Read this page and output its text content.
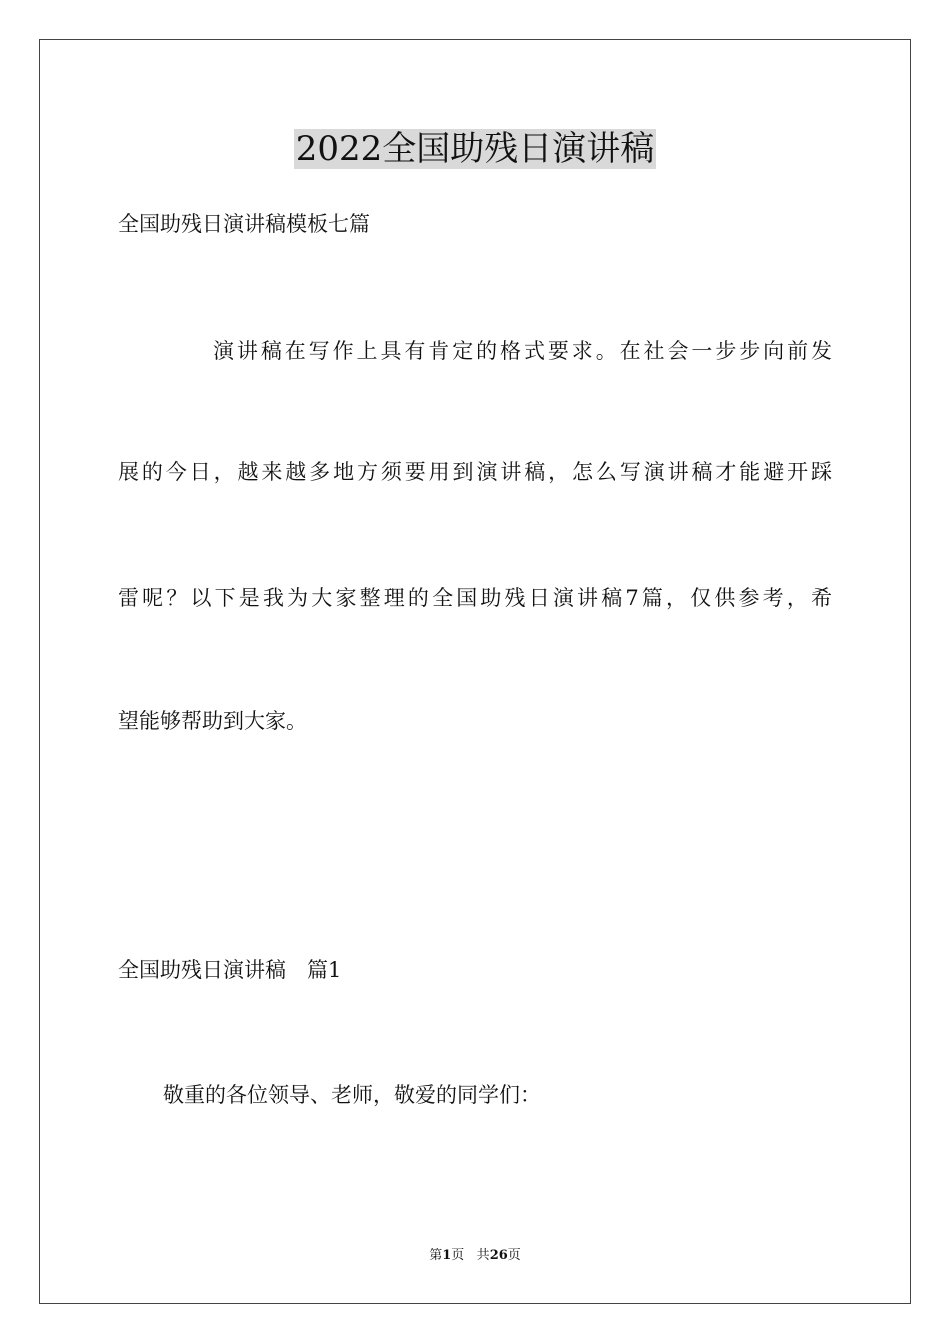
2022全国助残日演讲稿
全国助残日演讲稿模板七篇
演讲稿在写作上具有肯定的格式要求。在社会一步步向前发
展的今日，越来越多地方须要用到演讲稿，怎么写演讲稿才能避开踩
雷呢？以下是我为大家整理的全国助残日演讲稿7篇，仅供参考，希
望能够帮助到大家。
全国助残日演讲稿　篇1
敬重的各位领导、老师，敬爱的同学们：
第1页 共26页
